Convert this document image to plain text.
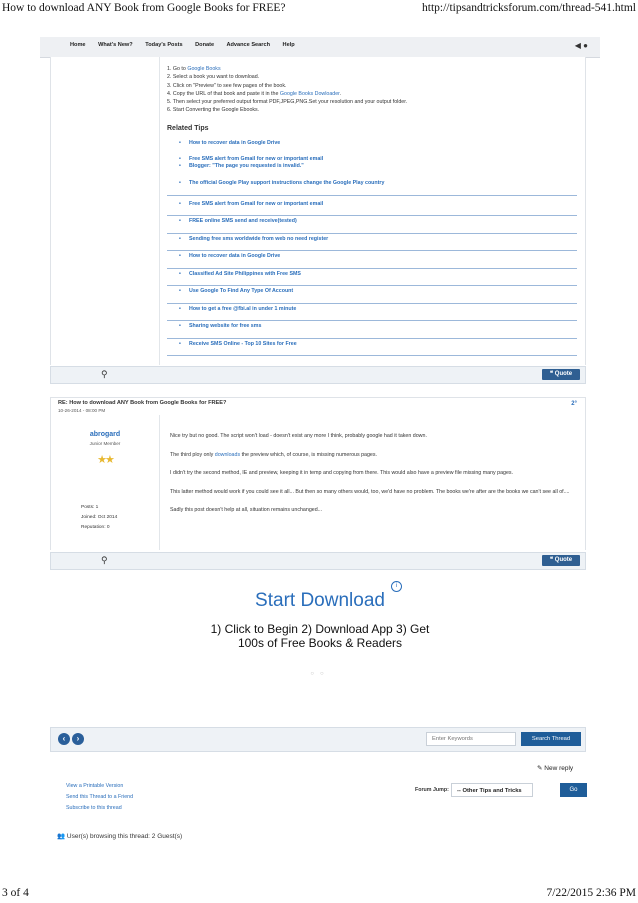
How to download ANY Book from Google Books for FREE?	http://tipsandtricksforum.com/thread-541.html
Home What's New? Today's Posts Donate Advance Search Help	◀ ●
1. Go to Google Books
2. Select a book you want to download.
3. Click on "Preview" to see few pages of the book.
4. Copy the URL of that book and paste it in the Google Books Dowloader.
5. Then select your preferred output format PDF,JPEG,PNG.Set your resolution and your output folder.
6. Start Converting the Google Ebooks.
Related Tips
• How to recover data in Google Drive
• Free SMS alert from Gmail for new or important email
• Blogger: "The page you requested is invalid."
• The official Google Play support instructions change the Google Play country
• Free SMS alert from Gmail for new or important email
• FREE online SMS send and receive(tested)
• Sending free sms worldwide from web no need register
• How to recover data in Google Drive
• Classified Ad Site Philippines with Free SMS
• Use Google To Find Any Type Of Account
• How to get a free @fbi.al in under 1 minute
• Sharing website for free sms
• Receive SMS Online - Top 10 Sites for Free
⚲	❝ Quote
RE: How to download ANY Book from Google Books for FREE?
10-26-2014 - 08:00 PM
2°
abrogard
Junior Member
★★
Posts: 1
Joined: Oct 2014
Reputation: 0

Nice try but no good. The script won't load - doesn't exist any more I think, probably google had it taken down.

The third ploy only downloads the preview which, of course, is missing numerous pages.

I didn't try the second method, IE and preview, keeping it in temp and copying from there. This would also have a preview file missing many pages.

This latter method would work if you could see it all... But then so many others would, too, we'd have no problem. The books we're after are the books we can't see all of....

Sadly this post doesn't help at all, situation remains unchanged...

⚲	❝ Quote
i
Start Download
1) Click to Begin 2) Download App 3) Get 100s of Free Books & Readers
○○
‹	›
Enter Keywords	Search Thread
✎ New reply
View a Printable Version
Send this Thread to a Friend
Subscribe to this thread
Forum Jump:	-- Other Tips and Tricks	Go
👥 User(s) browsing this thread: 2 Guest(s)
3 of 4	7/22/2015 2:36 PM
